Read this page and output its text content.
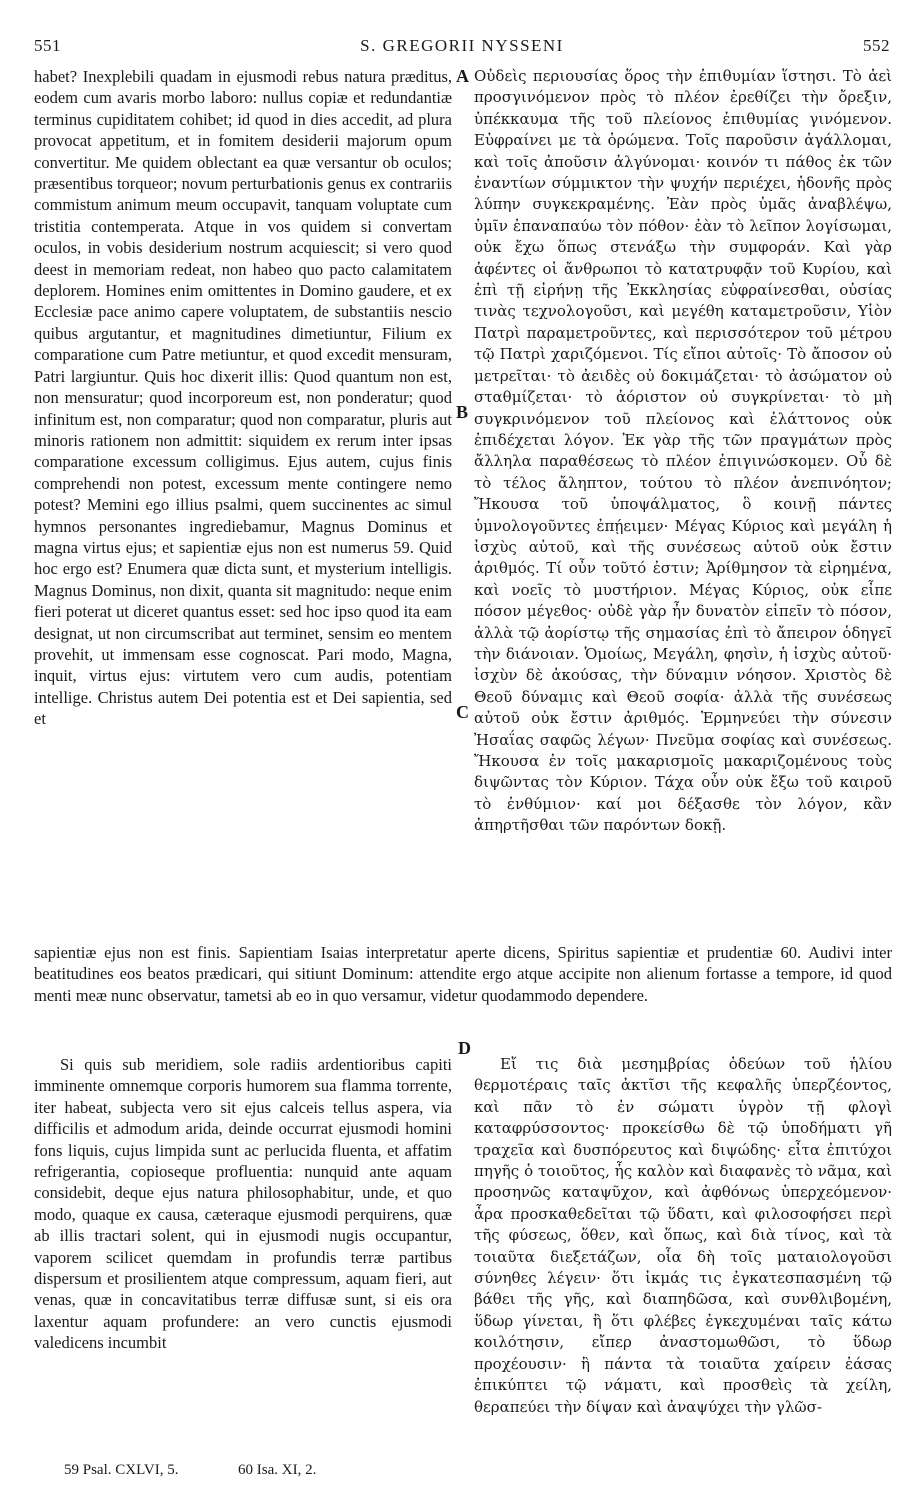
551	S. GREGORII NYSSENI	552

habet? Inexplebili quadam in ejusmodi rebus natura præditus, eodem cum avaris morbo laboro: nullus copiæ et redundantiæ terminus cupiditatem cohibet; id quod in dies accedit, ad plura provocat appetitum, et in fomitem desiderii majorum opum convertitur. Me quidem oblectant ea quæ versantur ob oculos; præsentibus torqueor; novum perturbationis genus ex contrariis commistum animum meum occupavit, tanquam voluptate cum tristitia contemperata. Atque in vos quidem si convertam oculos, in vobis desiderium nostrum acquiescit; si vero quod deest in memoriam redeat, non habeo quo pacto calamitatem deplorem. Homines enim omittentes in Domino gaudere, et ex Ecclesiæ pace animo capere voluptatem, de substantiis nescio quibus argutantur, et magnitudines dimetiuntur, Filium ex comparatione cum Patre metiuntur, et quod excedit mensuram, Patri largiuntur. Quis hoc dixerit illis: Quod quantum non est, non mensuratur; quod incorporeum est, non ponderatur; quod infinitum est, non comparatur; quod non comparatur, pluris aut minoris rationem non admittit: siquidem ex rerum inter ipsas comparatione excessum colligimus. Ejus autem, cujus finis comprehendi non potest, excessum mente contingere nemo potest? Memini ego illius psalmi, quem succinentes ac simul hymnos personantes ingrediebamur, Magnus Dominus et magna virtus ejus; et sapientiæ ejus non est numerus 59. Quid hoc ergo est? Enumera quæ dicta sunt, et mysterium intelligis. Magnus Dominus, non dixit, quanta sit magnitudo: neque enim fieri poterat ut diceret quantus esset: sed hoc ipso quod ita eam designat, ut non circumscribat aut terminet, sensim eo mentem provehit, ut immensam esse cognoscat. Pari modo, Magna, inquit, virtus ejus: virtutem vero cum audis, potentiam intellige. Christus autem Dei potentia est et Dei sapientia, sed et

Οὐδεὶς περιουσίας ὅρος τὴν ἐπιθυμίαν ἵστησι. Τὸ ἀεὶ προσγινόμενον πρὸς τὸ πλέον ἐρεθίζει τὴν ὄρεξιν, ὑπέκκαυμα τῆς τοῦ πλείονος ἐπιθυμίας γινόμενον. Εὐφραίνει με τὰ ὁρώμενα. Τοῖς παροῦσιν ἀγάλλομαι, καὶ τοῖς ἀποῦσιν ἀλγύνομαι· κοινόν τι πάθος ἐκ τῶν ἐναντίων σύμμικτον τὴν ψυχήν περιέχει, ἡδονῆς πρὸς λύπην συγκεκραμένης. Ἐὰν πρὸς ὑμᾶς ἀναβλέψω, ὑμῖν ἐπαναπαύω τὸν πόθον· ἐὰν τὸ λεῖπον λογίσωμαι, οὐκ ἔχω ὅπως στενάξω τὴν συμφοράν. Καὶ γὰρ ἀφέντες οἱ ἄνθρωποι τὸ κατατρυφᾷν τοῦ Κυρίου, καὶ ἐπὶ τῇ εἰρήνῃ τῆς Ἐκκλησίας εὐφραίνεσθαι, οὐσίας τινὰς τεχνολογοῦσι, καὶ μεγέθη καταμετροῦσιν, Υἱὸν Πατρὶ παραμετροῦντες, καὶ περισσότερον τοῦ μέτρου τῷ Πατρὶ χαριζόμενοι. Τίς εἴποι αὐτοῖς· Τὸ ἄποσον οὐ μετρεῖται· τὸ ἀειδὲς οὐ δοκιμάζεται· τὸ ἀσώματον οὐ σταθμίζεται· τὸ ἀόριστον οὐ συγκρίνεται· τὸ μὴ συγκρινόμενον τοῦ πλείονος καὶ ἐλάττονος οὐκ ἐπιδέχεται λόγον. Ἐκ γὰρ τῆς τῶν πραγμάτων πρὸς ἄλληλα παραθέσεως τὸ πλέον ἐπιγινώσκομεν. Οὗ δὲ τὸ τέλος ἄληπτον, τούτου τὸ πλέον ἀνεπινόητον; Ἤκουσα τοῦ ὑποψάλματος, ὃ κοινῇ πάντες ὑμνολογοῦντες ἐπῄειμεν· Μέγας Κύριος καὶ μεγάλη ἡ ἰσχὺς αὐτοῦ, καὶ τῆς συνέσεως αὐτοῦ οὐκ ἔστιν ἀριθμός. Τί οὖν τοῦτό ἐστιν; Ἀρίθμησον τὰ εἰρημένα, καὶ νοεῖς τὸ μυστήριον. Μέγας Κύριος, οὐκ εἶπε πόσον μέγεθος· οὐδὲ γὰρ ἦν δυνατὸν εἰπεῖν τὸ πόσον, ἀλλὰ τῷ ἀορίστῳ τῆς σημασίας ἐπὶ τὸ ἄπειρον ὁδηγεῖ τὴν διάνοιαν. Ὁμοίως, Μεγάλη, φησὶν, ἡ ἰσχὺς αὐτοῦ· ἰσχὺν δὲ ἀκούσας, τὴν δύναμιν νόησον. Χριστὸς δὲ Θεοῦ δύναμις καὶ Θεοῦ σοφία· ἀλλὰ τῆς συνέσεως αὐτοῦ οὐκ ἔστιν ἀριθμός. Ἑρμηνεύει τὴν σύνεσιν Ἠσαΐας σαφῶς λέγων· Πνεῦμα σοφίας καὶ συνέσεως. Ἤκουσα ἐν τοῖς μακαρισμοῖς μακαριζομένους τοὺς διψῶντας τὸν Κύριον. Τάχα οὖν οὐκ ἔξω τοῦ καιροῦ τὸ ἐνθύμιον· καί μοι δέξασθε τὸν λόγον, κἂν ἀπηρτῆσθαι τῶν παρόντων δοκῇ.

A
B
C

sapientiæ ejus non est finis. Sapientiam Isaias interpretatur aperte dicens, Spiritus sapientiæ et prudentiæ 60. Audivi inter beatitudines eos beatos prædicari, qui sitiunt Dominum: attendite ergo atque accipite non alienum fortasse a tempore, id quod menti meæ nunc observatur, tametsi ab eo in quo versamur, videtur quodammodo dependere.

D

Si quis sub meridiem, sole radiis ardentioribus capiti imminente omnemque corporis humorem sua flamma torrente, iter habeat, subjecta vero sit ejus calceis tellus aspera, via difficilis et admodum arida, deinde occurrat ejusmodi homini fons liquis, cujus limpida sunt ac perlucida fluenta, et affatim refrigerantia, copioseque profluentia: nunquid ante aquam considebit, deque ejus natura philosophabitur, unde, et quo modo, quaque ex causa, cæteraque ejusmodi perquirens, quæ ab illis tractari solent, qui in ejusmodi nugis occupantur, vaporem scilicet quemdam in profundis terræ partibus dispersum et prosilientem atque compressum, aquam fieri, aut venas, quæ in concavitatibus terræ diffusæ sunt, si eis ora laxentur aquam profundere: an vero cunctis ejusmodi valedicens incumbit

Εἴ τις διὰ μεσημβρίας ὁδεύων τοῦ ἡλίου θερμοτέραις ταῖς ἀκτῖσι τῆς κεφαλῆς ὑπερζέοντος, καὶ πᾶν τὸ ἐν σώματι ὑγρὸν τῇ φλογὶ καταφρύσσοντος· προκείσθω δὲ τῷ ὑποδήματι γῆ τραχεῖα καὶ δυσπόρευτος καὶ διψώδης· εἶτα ἐπιτύχοι πηγῆς ὁ τοιοῦτος, ἧς καλὸν καὶ διαφανὲς τὸ νᾶμα, καὶ προσηνῶς καταψῦχον, καὶ ἀφθόνως ὑπερχεόμενον· ἆρα προσκαθεδεῖται τῷ ὕδατι, καὶ φιλοσοφήσει περὶ τῆς φύσεως, ὅθεν, καὶ ὅπως, καὶ διὰ τίνος, καὶ τὰ τοιαῦτα διεξετάζων, οἷα δὴ τοῖς ματαιολογοῦσι σύνηθες λέγειν· ὅτι ἰκμάς τις ἐγκατεσπασμένη τῷ βάθει τῆς γῆς, καὶ διαπηδῶσα, καὶ συνθλιβομένη, ὕδωρ γίνεται, ἢ ὅτι φλέβες ἐγκεχυμέναι ταῖς κάτω κοιλότησιν, εἴπερ ἀναστομωθῶσι, τὸ ὕδωρ προχέουσιν· ἢ πάντα τὰ τοιαῦτα χαίρειν ἐάσας ἐπικύπτει τῷ νάματι, καὶ προσθεὶς τὰ χείλη, θεραπεύει τὴν δίψαν καὶ ἀναψύχει τὴν γλῶσ-

59 Psal. CXLVI, 5.	60 Isa. XI, 2.
